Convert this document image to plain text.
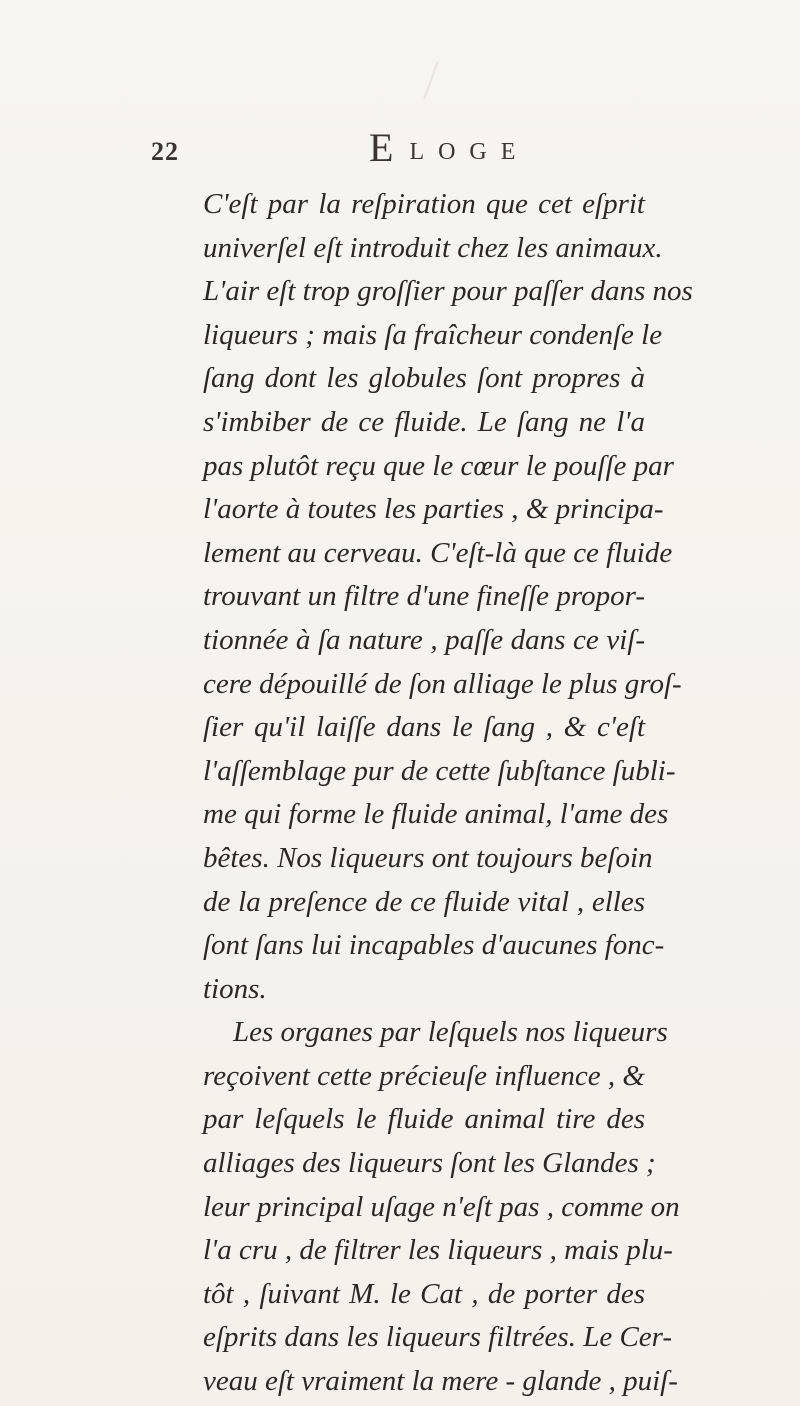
22	ELOGE
C'eſt par la reſpiration que cet eſprit
univerſel eſt introduit chez les animaux.
L'air eſt trop groſſier pour paſſer dans nos
liqueurs ; mais ſa fraîcheur condenſe le
ſang dont les globules ſont propres à
s'imbiber de ce fluide. Le ſang ne l'a
pas plutôt reçu que le cœur le pouſſe par
l'aorte à toutes les parties , & principa-
lement au cerveau. C'eſt-là que ce fluide
trouvant un filtre d'une fineſſe propor-
tionnée à ſa nature , paſſe dans ce viſ-
cere dépouillé de ſon alliage le plus groſ-
ſier qu'il laiſſe dans le ſang , & c'eſt
l'aſſemblage pur de cette ſubſtance ſubli-
me qui forme le fluide animal, l'ame des
bêtes. Nos liqueurs ont toujours beſoin
de la preſence de ce fluide vital , elles
ſont ſans lui incapables d'aucunes fonc-
tions.
Les organes par leſquels nos liqueurs
reçoivent cette précieuſe influence , &
par leſquels le fluide animal tire des
alliages des liqueurs ſont les Glandes ;
leur principal uſage n'eſt pas , comme on
l'a cru , de filtrer les liqueurs , mais plu-
tôt , ſuivant M. le Cat , de porter des
eſprits dans les liqueurs filtrées. Le Cer-
veau eſt vraiment la mere - glande , puiſ-
